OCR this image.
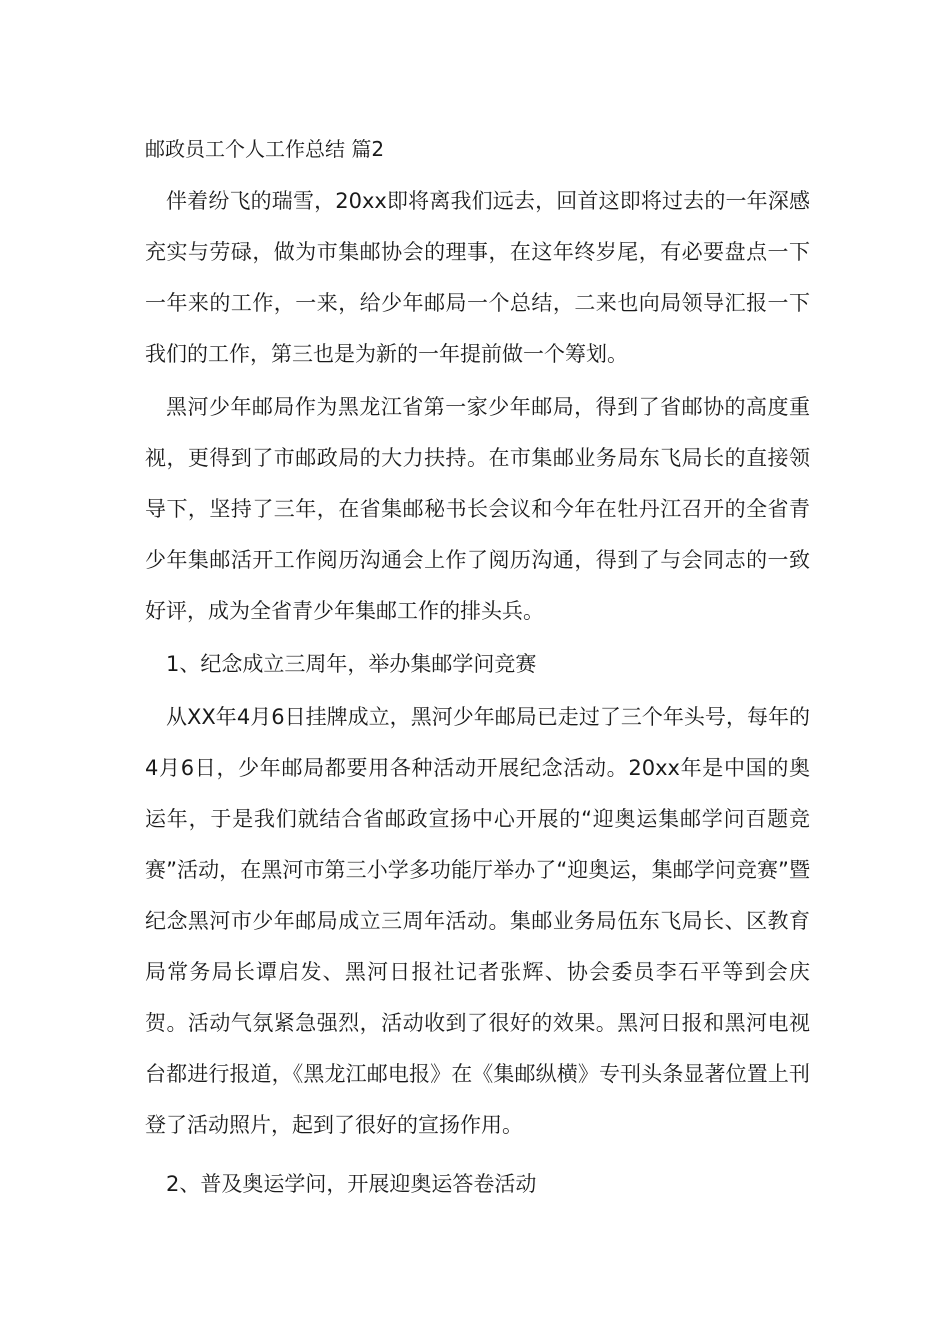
邮政员工个人工作总结 篇2

伴着纷飞的瑞雪，20xx即将离我们远去，回首这即将过去的一年深感充实与劳碌，做为市集邮协会的理事，在这年终岁尾，有必要盘点一下一年来的工作，一来，给少年邮局一个总结，二来也向局领导汇报一下我们的工作，第三也是为新的一年提前做一个筹划。

黑河少年邮局作为黑龙江省第一家少年邮局，得到了省邮协的高度重视，更得到了市邮政局的大力扶持。在市集邮业务局东飞局长的直接领导下，坚持了三年，在省集邮秘书长会议和今年在牡丹江召开的全省青少年集邮活开工作阅历沟通会上作了阅历沟通，得到了与会同志的一致好评，成为全省青少年集邮工作的排头兵。

1、纪念成立三周年，举办集邮学问竞赛

从XX年4月6日挂牌成立，黑河少年邮局已走过了三个年头号，每年的4月6日，少年邮局都要用各种活动开展纪念活动。20xx年是中国的奥运年，于是我们就结合省邮政宣扬中心开展的“迎奥运集邮学问百题竞赛”活动，在黑河市第三小学多功能厅举办了“迎奥运，集邮学问竞赛”暨纪念黑河市少年邮局成立三周年活动。集邮业务局伍东飞局长、区教育局常务局长谭启发、黑河日报社记者张辉、协会委员李石平等到会庆贺。活动气氛紧急强烈，活动收到了很好的效果。黑河日报和黑河电视台都进行报道，《黑龙江邮电报》在《集邮纵横》专刊头条显著位置上刊登了活动照片，起到了很好的宣扬作用。

2、普及奥运学问，开展迎奥运答卷活动
